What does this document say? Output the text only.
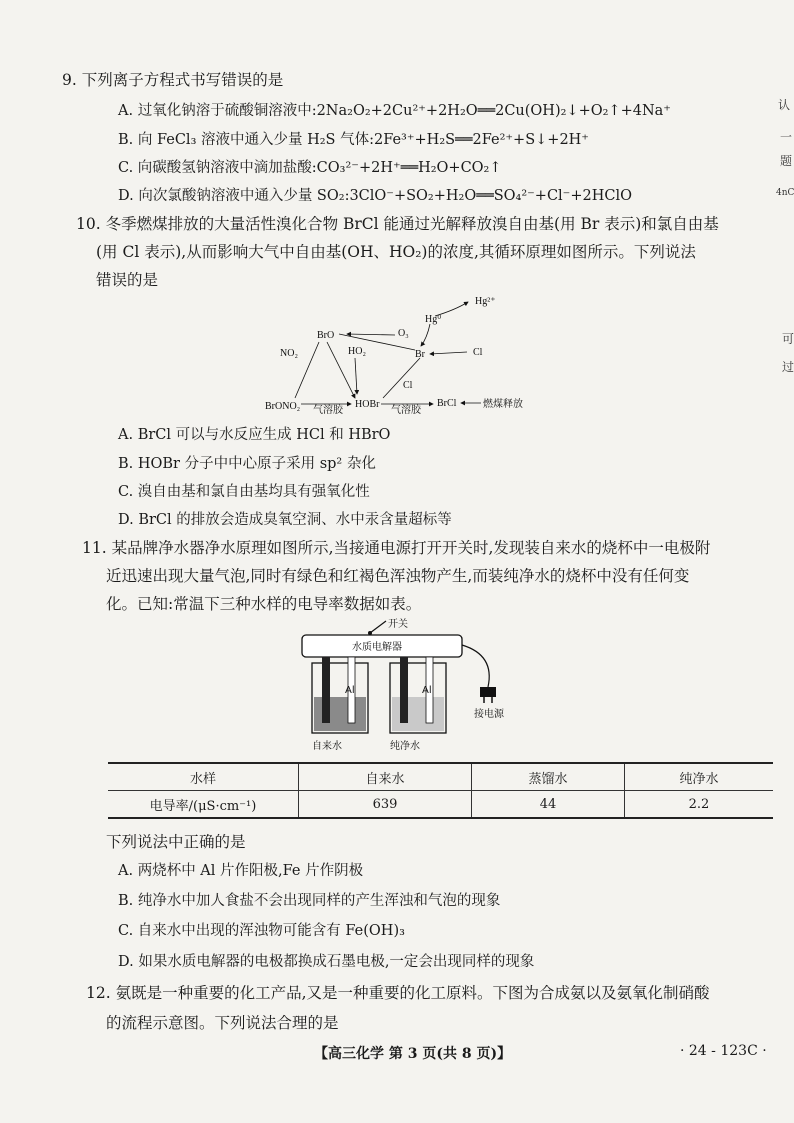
9. 下列离子方程式书写错误的是
A. 过氧化钠溶于硫酸铜溶液中:2Na₂O₂+2Cu²⁺+2H₂O══2Cu(OH)₂↓+O₂↑+4Na⁺
B. 向 FeCl₃ 溶液中通入少量 H₂S 气体:2Fe³⁺+H₂S══2Fe²⁺+S↓+2H⁺
C. 向碳酸氢钠溶液中滴加盐酸:CO₃²⁻+2H⁺══H₂O+CO₂↑
D. 向次氯酸钠溶液中通入少量 SO₂:3ClO⁻+SO₂+H₂O══SO₄²⁻+Cl⁻+2HClO
10. 冬季燃煤排放的大量活性溴化合物 BrCl 能通过光解释放溴自由基(用 Br 表示)和氯自由基
(用 Cl 表示),从而影响大气中自由基(OH、HO₂)的浓度,其循环原理如图所示。下列说法
错误的是
Hg⁰
Hg²⁺
BrO	O₃
NO₂	HO₂	Br	Cl
Cl
BrONO₂	HOBr	BrCl
气溶胶	气溶胶
燃煤释放
A. BrCl 可以与水反应生成 HCl 和 HBrO
B. HOBr 分子中中心原子采用 sp² 杂化
C. 溴自由基和氯自由基均具有强氧化性
D. BrCl 的排放会造成臭氧空洞、水中汞含量超标等
11. 某品牌净水器净水原理如图所示,当接通电源打开开关时,发现装自来水的烧杯中一电极附
近迅速出现大量气泡,同时有绿色和红褐色浑浊物产生,而装纯净水的烧杯中没有任何变
化。已知:常温下三种水样的电导率数据如表。
开关
水质电解器
接电源
Al	Al
自来水	纯净水
水样	自来水	蒸馏水	纯净水
电导率/(μS·cm⁻¹)	639	44	2.2
下列说法中正确的是
A. 两烧杯中 Al 片作阳极,Fe 片作阴极
B. 纯净水中加人食盐不会出现同样的产生浑浊和气泡的现象
C. 自来水中出现的浑浊物可能含有 Fe(OH)₃
D. 如果水质电解器的电极都换成石墨电极,一定会出现同样的现象
12. 氨既是一种重要的化工产品,又是一种重要的化工原料。下图为合成氨以及氨氧化制硝酸
的流程示意图。下列说法合理的是
【高三化学 第 3 页(共 8 页)】	· 24 - 123C ·
认
一
题
4nC
可
过
